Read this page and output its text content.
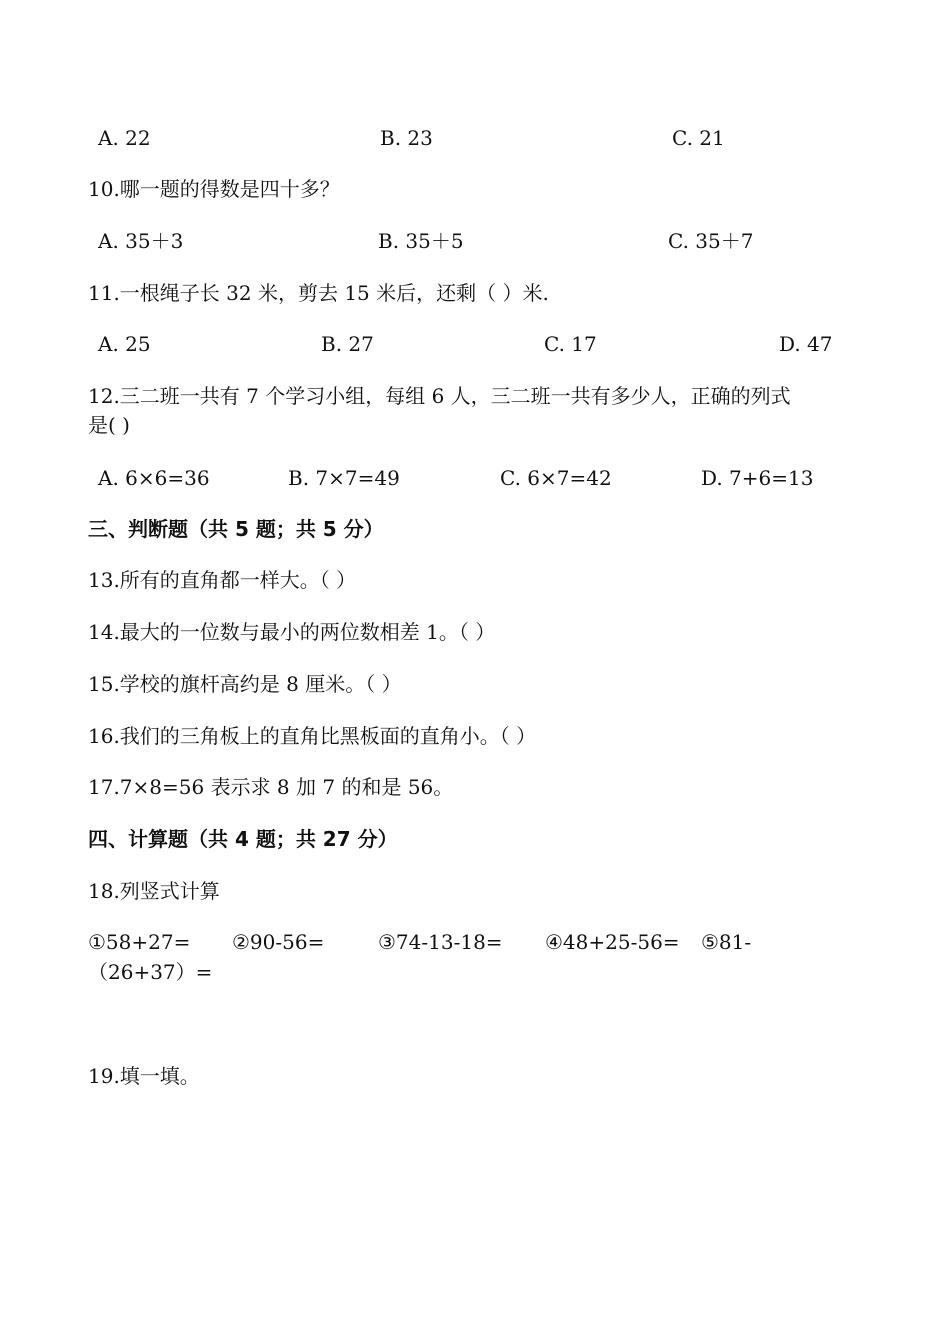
A. 22	B. 23	C. 21
10.哪一题的得数是四十多？
A. 35＋3	B. 35＋5	C. 35＋7
11.一根绳子长 32 米，剪去 15 米后，还剩（ ）米.
A. 25	B. 27	C. 17	D. 47
12.三二班一共有 7 个学习小组，每组 6 人，三二班一共有多少人，正确的列式
是( )
A. 6×6=36	B. 7×7=49	C. 6×7=42	D. 7+6=13
三、判断题（共 5 题；共 5 分）
13.所有的直角都一样大。（ ）
14.最大的一位数与最小的两位数相差 1。（ ）
15.学校的旗杆高约是 8 厘米。（ ）
16.我们的三角板上的直角比黑板面的直角小。（ ）
17.7×8=56 表示求 8 加 7 的和是 56。
四、计算题（共 4 题；共 27 分）
18.列竖式计算
①58+27= ②90-56=	③74-13-18= ④48+25-56= ⑤81-
（26+37）=
19.填一填。
